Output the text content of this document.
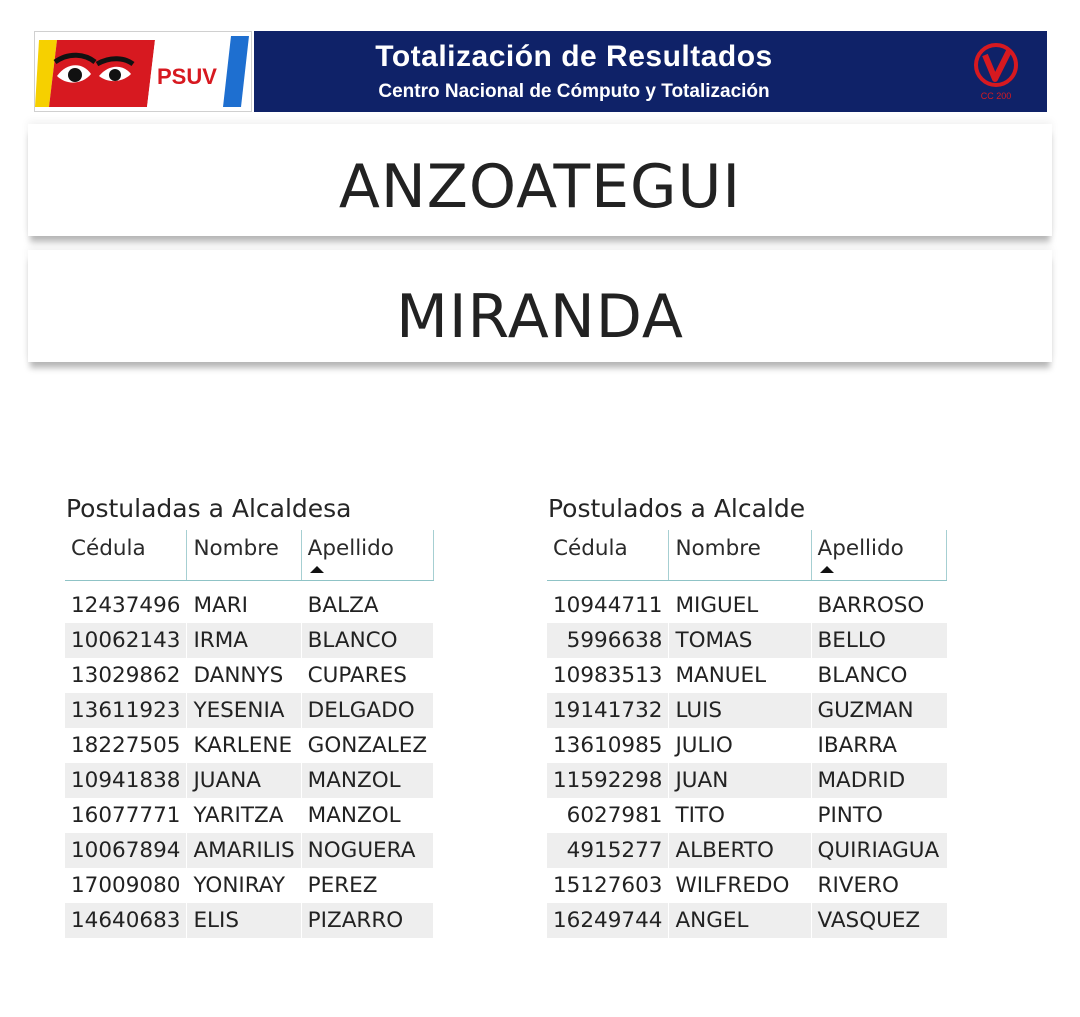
PSUV
Totalización de Resultados
Centro Nacional de Cómputo y Totalización	CC 200
ANZOATEGUI
MIRANDA
Postuladas a Alcaldesa
Cédula	Nombre	Apellido

12437496	MARI	BALZA
10062143	IRMA	BLANCO
13029862	DANNYS	CUPARES
13611923	YESENIA	DELGADO
18227505	KARLENE	GONZALEZ
10941838	JUANA	MANZOL
16077771	YARITZA	MANZOL
10067894	AMARILIS	NOGUERA
17009080	YONIRAY	PEREZ
14640683	ELIS	PIZARRO
Postulados a Alcalde
Cédula	Nombre	Apellido

10944711	MIGUEL	BARROSO
5996638	TOMAS	BELLO
10983513	MANUEL	BLANCO
19141732	LUIS	GUZMAN
13610985	JULIO	IBARRA
11592298	JUAN	MADRID
6027981	TITO	PINTO
4915277	ALBERTO	QUIRIAGUA
15127603	WILFREDO	RIVERO
16249744	ANGEL	VASQUEZ
